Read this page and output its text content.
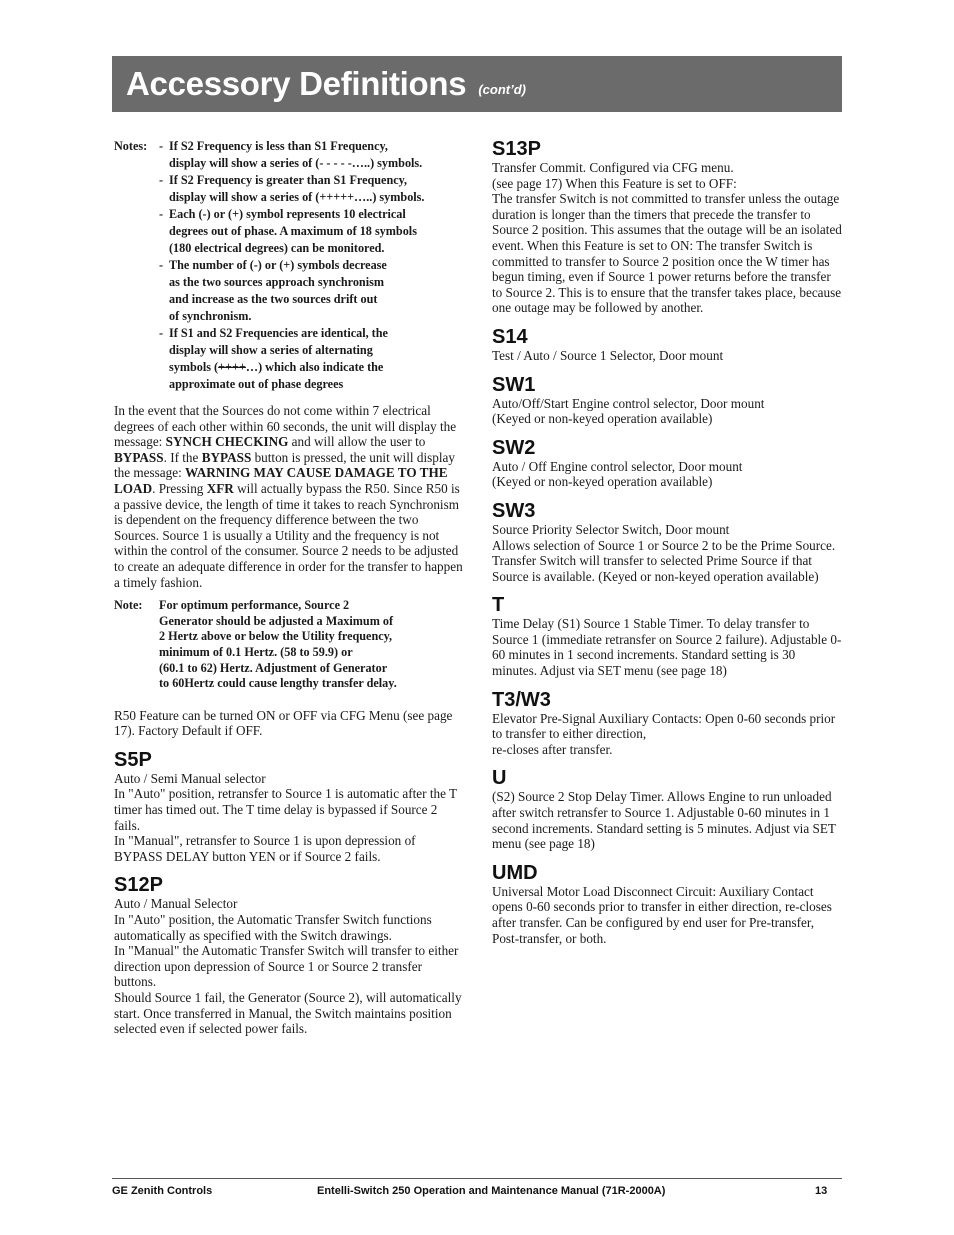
Accessory Definitions (cont’d)
Notes: - If S2 Frequency is less than S1 Frequency,
display will show a series of (- - - - -…..) symbols.
- If S2 Frequency is greater than S1 Frequency,
display will show a series of (+++++…..) symbols.
- Each (-) or (+) symbol represents 10 electrical
degrees out of phase. A maximum of 18 symbols
(180 electrical degrees) can be monitored.
- The number of (-) or (+) symbols decrease
as the two sources approach synchronism
and increase as the two sources drift out
of synchronism.
- If S1 and S2 Frequencies are identical, the
display will show a series of alternating
symbols (++++…) which also indicate the
approximate out of phase degrees

In the event that the Sources do not come within 7 electrical degrees of each other within 60 seconds, the unit will display the message: SYNCH CHECKING and will allow the user to BYPASS. If the BYPASS button is pressed, the unit will display the message: WARNING MAY CAUSE DAMAGE TO THE LOAD. Pressing XFR will actually bypass the R50. Since R50 is a passive device, the length of time it takes to reach Synchronism is dependent on the frequency difference between the two Sources. Source 1 is usually a Utility and the frequency is not within the control of the consumer. Source 2 needs to be adjusted to create an adequate difference in order for the transfer to happen a timely fashion.

Note:	For optimum performance, Source 2
Generator should be adjusted a Maximum of
2 Hertz above or below the Utility frequency,
minimum of 0.1 Hertz. (58 to 59.9) or
(60.1 to 62) Hertz. Adjustment of Generator
to 60Hertz could cause lengthy transfer delay.

R50 Feature can be turned ON or OFF via CFG Menu (see page 17). Factory Default if OFF.

S5P

Auto / Semi Manual selector

In "Auto" position, retransfer to Source 1 is automatic after the T timer has timed out. The T time delay is bypassed if Source 2 fails.

In "Manual", retransfer to Source 1 is upon depression of BYPASS DELAY button YEN or if Source 2 fails.

S12P

Auto / Manual Selector

In "Auto" position, the Automatic Transfer Switch functions automatically as specified with the Switch drawings.

In "Manual" the Automatic Transfer Switch will transfer to either direction upon depression of Source 1 or Source 2 transfer buttons.

Should Source 1 fail, the Generator (Source 2), will automatically start. Once transferred in Manual, the Switch maintains position selected even if selected power fails.

S13P

Transfer Commit. Configured via CFG menu.

(see page 17) When this Feature is set to OFF:

The transfer Switch is not committed to transfer unless the outage duration is longer than the timers that precede the transfer to Source 2 position. This assumes that the outage will be an isolated event. When this Feature is set to ON: The transfer Switch is committed to transfer to Source 2 position once the W timer has begun timing, even if Source 1 power returns before the transfer to Source 2. This is to ensure that the transfer takes place, because one outage may be followed by another.

S14

Test / Auto / Source 1 Selector, Door mount

SW1

Auto/Off/Start Engine control selector, Door mount

(Keyed or non-keyed operation available)

SW2

Auto / Off Engine control selector, Door mount

(Keyed or non-keyed operation available)

SW3

Source Priority Selector Switch, Door mount

Allows selection of Source 1 or Source 2 to be the Prime Source. Transfer Switch will transfer to selected Prime Source if that Source is available. (Keyed or non-keyed operation available)

T

Time Delay (S1) Source 1 Stable Timer. To delay transfer to Source 1 (immediate retransfer on Source 2 failure). Adjustable 0-60 minutes in 1 second increments. Standard setting is 30 minutes. Adjust via SET menu (see page 18)

T3/W3

Elevator Pre-Signal Auxiliary Contacts: Open 0-60 seconds prior to transfer to either direction,

re-closes after transfer.

U

(S2) Source 2 Stop Delay Timer. Allows Engine to run unloaded after switch retransfer to Source 1. Adjustable 0-60 minutes in 1 second increments. Standard setting is 5 minutes. Adjust via SET menu (see page 18)

UMD

Universal Motor Load Disconnect Circuit: Auxiliary Contact opens 0-60 seconds prior to transfer in either direction, re-closes after transfer. Can be configured by end user for Pre-transfer, Post-transfer, or both.

GE Zenith Controls	Entelli-Switch 250 Operation and Maintenance Manual (71R-2000A)	13
